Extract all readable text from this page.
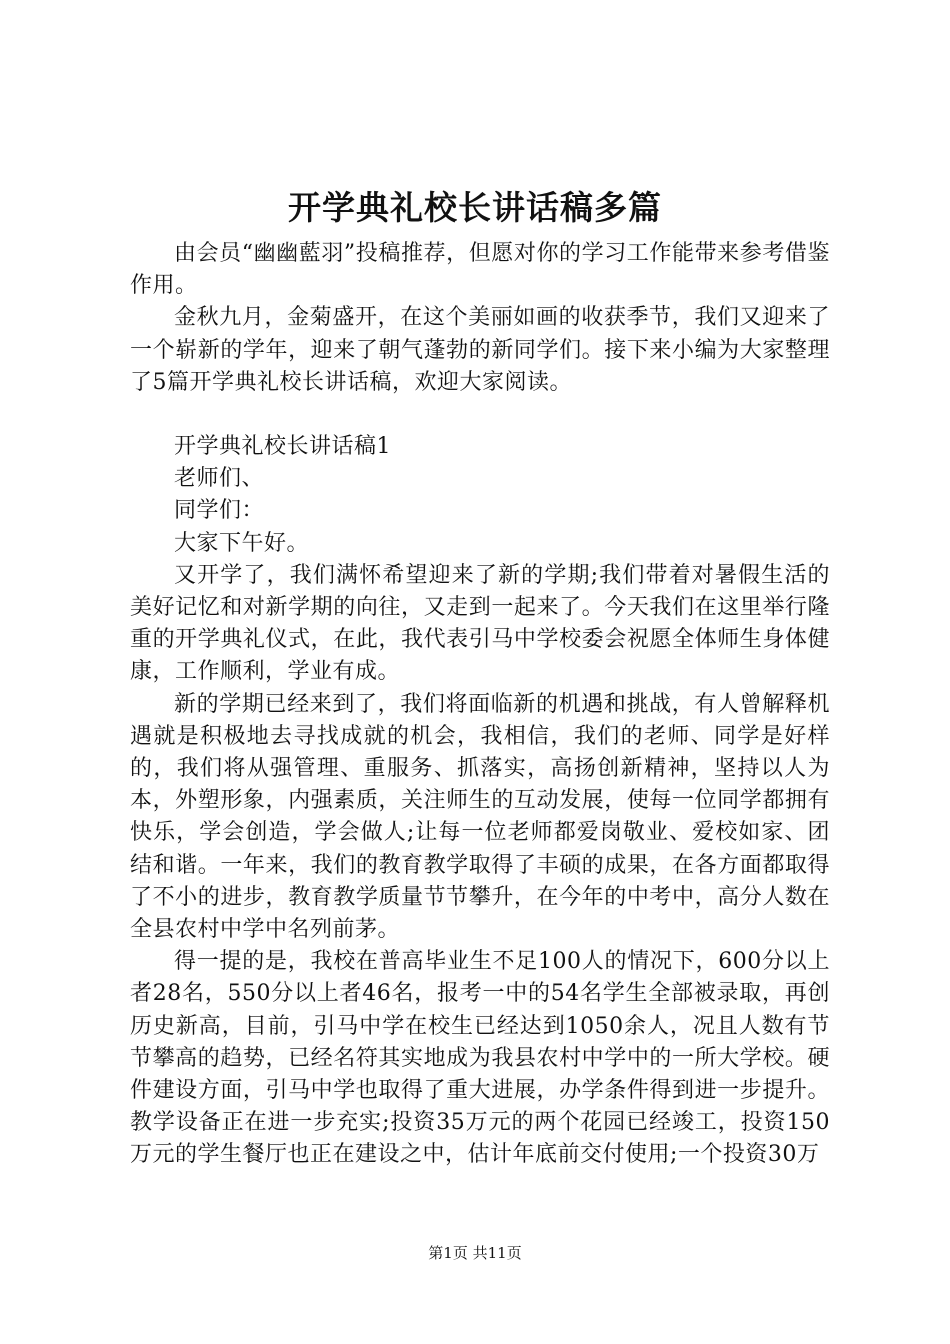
开学典礼校长讲话稿多篇

由会员“幽幽藍羽”投稿推荐，但愿对你的学习工作能带来参考借鉴作用。

金秋九月，金菊盛开，在这个美丽如画的收获季节，我们又迎来了一个崭新的学年，迎来了朝气蓬勃的新同学们。接下来小编为大家整理了5篇开学典礼校长讲话稿，欢迎大家阅读。

开学典礼校长讲话稿1

老师们、

同学们：

大家下午好。

又开学了，我们满怀希望迎来了新的学期;我们带着对暑假生活的美好记忆和对新学期的向往，又走到一起来了。今天我们在这里举行隆重的开学典礼仪式，在此，我代表引马中学校委会祝愿全体师生身体健康，工作顺利，学业有成。

新的学期已经来到了，我们将面临新的机遇和挑战，有人曾解释机遇就是积极地去寻找成就的机会，我相信，我们的老师、同学是好样的，我们将从强管理、重服务、抓落实，高扬创新精神，坚持以人为本，外塑形象，内强素质，关注师生的互动发展，使每一位同学都拥有快乐，学会创造，学会做人;让每一位老师都爱岗敬业、爱校如家、团结和谐。一年来，我们的教育教学取得了丰硕的成果，在各方面都取得了不小的进步，教育教学质量节节攀升，在今年的中考中，高分人数在全县农村中学中名列前茅。

得一提的是，我校在普高毕业生不足100人的情况下，600分以上者28名，550分以上者46名，报考一中的54名学生全部被录取，再创历史新高，目前，引马中学在校生已经达到1050余人，况且人数有节节攀高的趋势，已经名符其实地成为我县农村中学中的一所大学校。硬件建设方面，引马中学也取得了重大进展，办学条件得到进一步提升。教学设备正在进一步充实;投资35万元的两个花园已经竣工，投资150万元的学生餐厅也正在建设之中，估计年底前交付使用;一个投资30万

第1页 共11页
